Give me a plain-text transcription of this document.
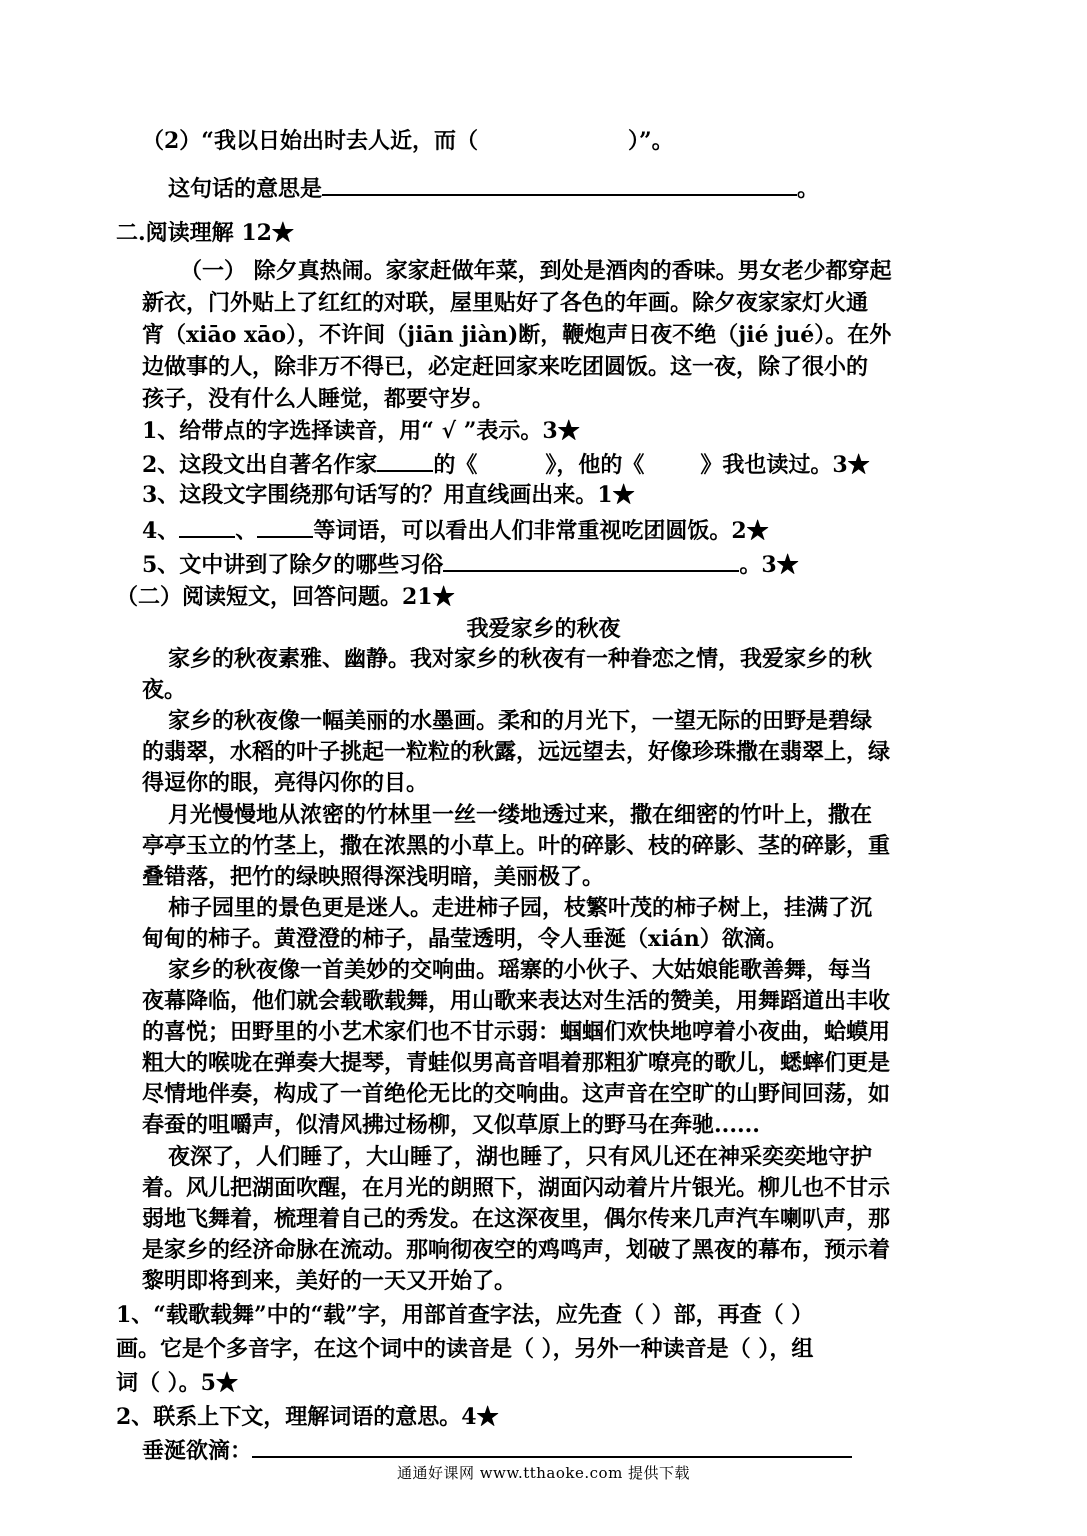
（2）“我以日始出时去人近，而（	）”。
这句话的意思是	。
二.阅读理解 12★
（一） 除夕真热闹。家家赶做年菜，到处是酒肉的香味。男女老少都穿起
新衣，门外贴上了红红的对联，屋里贴好了各色的年画。除夕夜家家灯火通
宵（xiāo xāo），不许间（jiān jiàn)断，鞭炮声日夜不绝（jié jué）。在外
边做事的人，除非万不得已，必定赶回家来吃团圆饭。这一夜，除了很小的
孩子，没有什么人睡觉，都要守岁。
1、给带点的字选择读音，用“ √ ”表示。3★
2、这段文出自著名作家	的《	》，他的《	》我也读过。3★
3、这段文字围绕那句话写的？用直线画出来。1★
4、	、	等词语，可以看出人们非常重视吃团圆饭。2★
5、文中讲到了除夕的哪些习俗	。3★
（二）阅读短文，回答问题。21★
我爱家乡的秋夜
家乡的秋夜素雅、幽静。我对家乡的秋夜有一种眷恋之情，我爱家乡的秋
夜。
家乡的秋夜像一幅美丽的水墨画。柔和的月光下，一望无际的田野是碧绿
的翡翠，水稻的叶子挑起一粒粒的秋露，远远望去，好像珍珠撒在翡翠上，绿
得逗你的眼，亮得闪你的目。
月光慢慢地从浓密的竹林里一丝一缕地透过来，撒在细密的竹叶上，撒在
亭亭玉立的竹茎上，撒在浓黑的小草上。叶的碎影、枝的碎影、茎的碎影，重
叠错落，把竹的绿映照得深浅明暗，美丽极了。
柿子园里的景色更是迷人。走进柿子园，枝繁叶茂的柿子树上，挂满了沉
甸甸的柿子。黄澄澄的柿子，晶莹透明，令人垂涎（xián）欲滴。
家乡的秋夜像一首美妙的交响曲。瑶寨的小伙子、大姑娘能歌善舞，每当
夜幕降临，他们就会载歌载舞，用山歌来表达对生活的赞美，用舞蹈道出丰收
的喜悦；田野里的小艺术家们也不甘示弱：蝈蝈们欢快地哼着小夜曲，蛤蟆用
粗大的喉咙在弹奏大提琴，青蛙似男高音唱着那粗犷嘹亮的歌儿，蟋蟀们更是
尽情地伴奏，构成了一首绝伦无比的交响曲。这声音在空旷的山野间回荡，如
春蚕的咀嚼声，似清风拂过杨柳，又似草原上的野马在奔驰......
夜深了，人们睡了，大山睡了，湖也睡了，只有风儿还在神采奕奕地守护
着。风儿把湖面吹醒，在月光的朗照下，湖面闪动着片片银光。柳儿也不甘示
弱地飞舞着，梳理着自己的秀发。在这深夜里，偶尔传来几声汽车喇叭声，那
是家乡的经济命脉在流动。那响彻夜空的鸡鸣声，划破了黑夜的幕布，预示着
黎明即将到来，美好的一天又开始了。
1、“载歌载舞”中的“载”字，用部首查字法，应先查（ ）部，再查（ ）
画。它是个多音字，在这个词中的读音是（ ），另外一种读音是（ ），组
词（ ）。5★
2、联系上下文，理解词语的意思。4★
垂涎欲滴：
通通好课网 www.tthaoke.com 提供下载
